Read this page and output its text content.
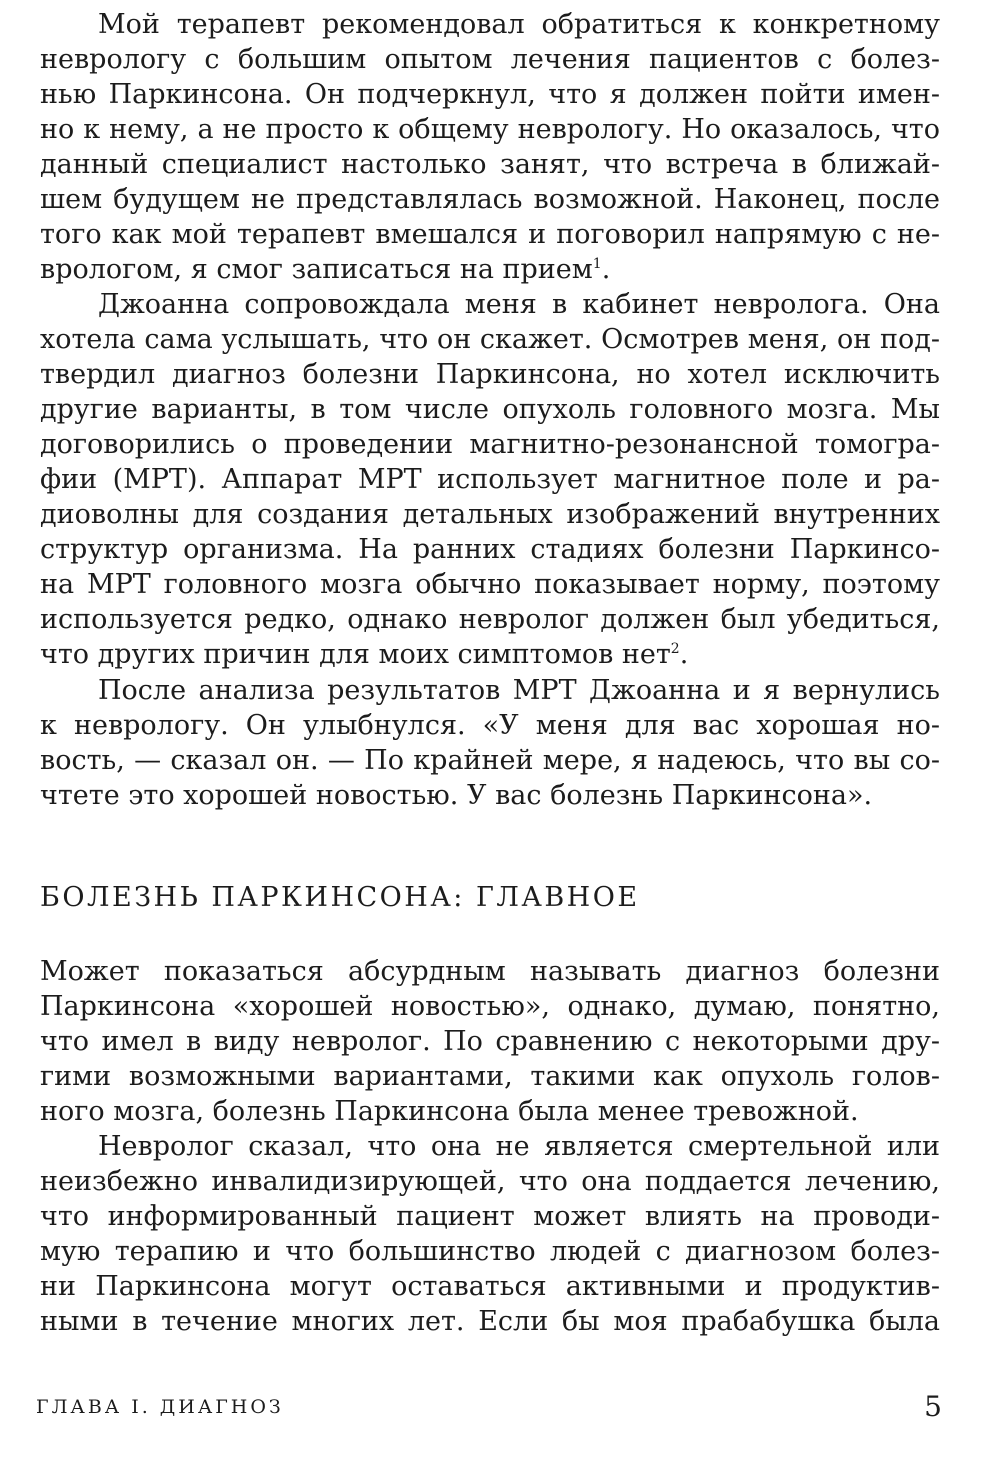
Мой терапевт рекомендовал обратиться к конкретному
неврологу с большим опытом лечения пациентов с болез-
нью Паркинсона. Он подчеркнул, что я должен пойти имен-
но к нему, а не просто к общему неврологу. Но оказалось, что
данный специалист настолько занят, что встреча в ближай-
шем будущем не представлялась возможной. Наконец, после
того как мой терапевт вмешался и поговорил напрямую с не-
врологом, я смог записаться на прием$^1$.
Джоанна сопровождала меня в кабинет невролога. Она
хотела сама услышать, что он скажет. Осмотрев меня, он под-
твердил диагноз болезни Паркинсона, но хотел исключить
другие варианты, в том числе опухоль головного мозга. Мы
договорились о проведении магнитно-резонансной томогра-
фии (МРТ). Аппарат МРТ использует магнитное поле и ра-
диоволны для создания детальных изображений внутренних
структур организма. На ранних стадиях болезни Паркинсо-
на МРТ головного мозга обычно показывает норму, поэтому
используется редко, однако невролог должен был убедиться,
что других причин для моих симптомов нет$^2$.
После анализа результатов МРТ Джоанна и я вернулись
к неврологу. Он улыбнулся. «У меня для вас хорошая но-
вость, — сказал он. — По крайней мере, я надеюсь, что вы со-
чтете это хорошей новостью. У вас болезнь Паркинсона».
БОЛЕЗНЬ ПАРКИНСОНА: ГЛАВНОЕ
Может показаться абсурдным называть диагноз болезни
Паркинсона «хорошей новостью», однако, думаю, понятно,
что имел в виду невролог. По сравнению с некоторыми дру-
гими возможными вариантами, такими как опухоль голов-
ного мозга, болезнь Паркинсона была менее тревожной.
Невролог сказал, что она не является смертельной или
неизбежно инвалидизирующей, что она поддается лечению,
что информированный пациент может влиять на проводи-
мую терапию и что большинство людей с диагнозом болез-
ни Паркинсона могут оставаться активными и продуктив-
ными в течение многих лет. Если бы моя прабабушка была
ГЛАВА I. ДИАГНОЗ	5
